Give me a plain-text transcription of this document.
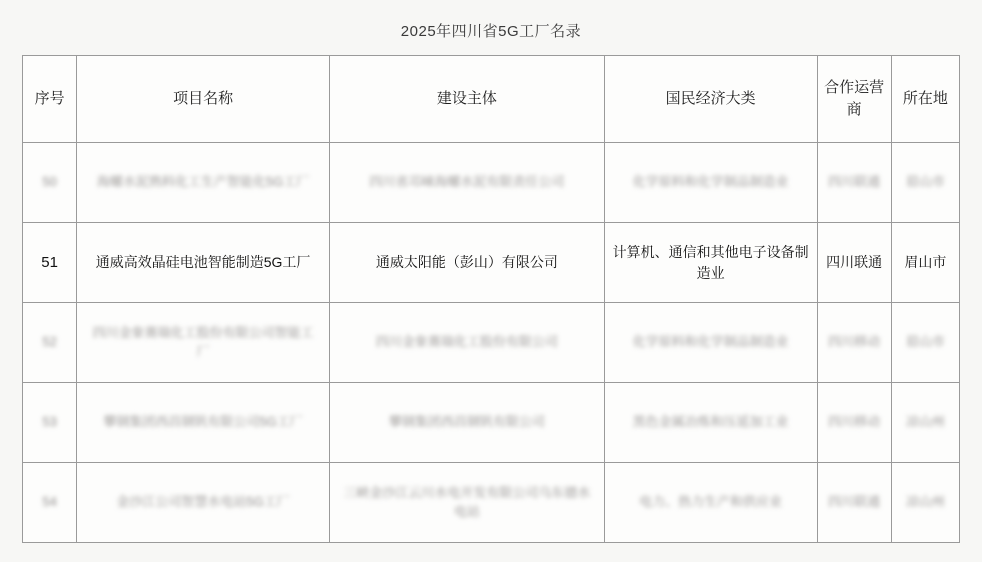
2025年四川省5G工厂名录
序号	项目名称	建设主体	国民经济大类	合作运营商	所在地
50	海螺水泥熟料化工生产智能化5G工厂	四川省邛崃海螺水泥有限责任公司	化学原料和化学制品制造业	四川联通	眉山市
51	通威高效晶硅电池智能制造5G工厂	通威太阳能（彭山）有限公司	计算机、通信和其他电子设备制造业	四川联通	眉山市
52	四川金象赛瑞化工股份有限公司智能工厂	四川金象赛瑞化工股份有限公司	化学原料和化学制品制造业	四川移动	眉山市
53	攀钢集团西昌钢钒有限公司5G工厂	攀钢集团西昌钢钒有限公司	黑色金属冶炼和压延加工业	四川移动	凉山州
54	金沙江公司智慧水电站5G工厂	三峡金沙江云川水电开发有限公司乌东德水电站	电力、热力生产和供应业	四川联通	凉山州
